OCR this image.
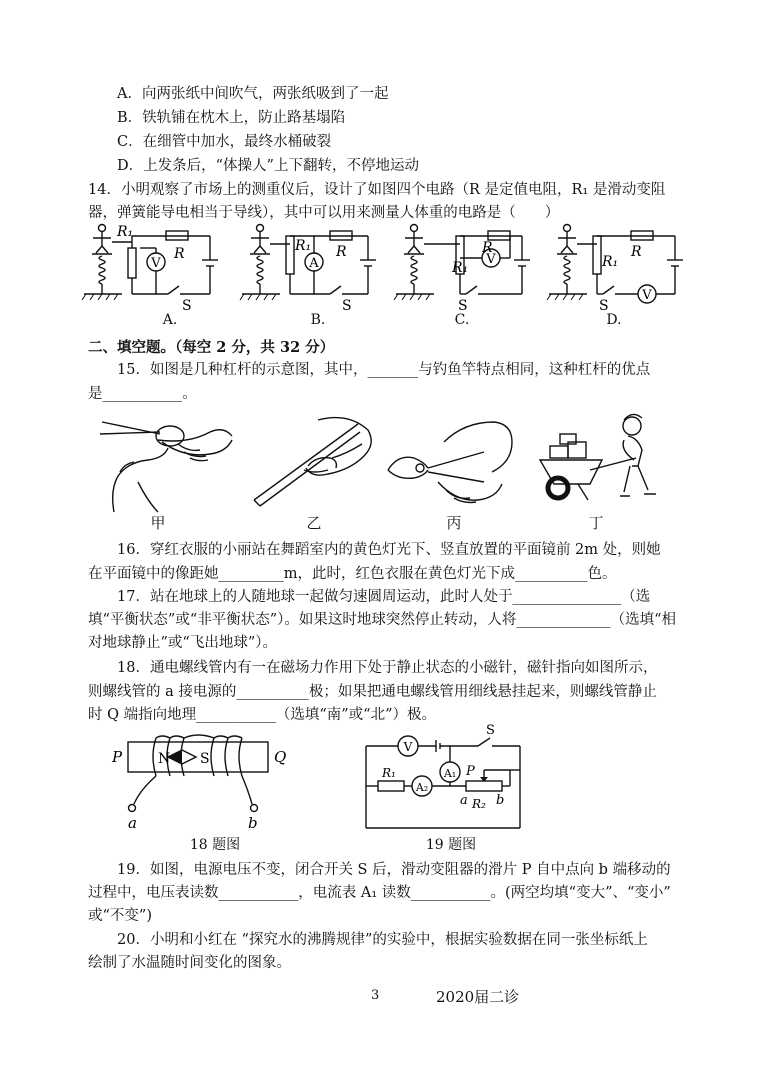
A．向两张纸中间吹气，两张纸吸到了一起
B．铁轨铺在枕木上，防止路基塌陷
C．在细管中加水，最终水桶破裂
D．上发条后，“体操人”上下翻转，不停地运动
14．小明观察了市场上的测重仪后，设计了如图四个电路（R 是定值电阻，R₁ 是滑动变阻
器，弹簧能导电相当于导线），其中可以用来测量人体重的电路是（　　）
V
R₁
R
S
A
R₁ R
S
V
R₁
R
S
V
R₁
R
S
A.	B.	C.	D.
二、填空题。（每空 2 分，共 32 分）
15．如图是几种杠杆的示意图，其中，_______与钓鱼竿特点相同，这种杠杆的优点
是___________。
甲	乙	丙	丁
16．穿红衣服的小丽站在舞蹈室内的黄色灯光下、竖直放置的平面镜前 2m 处，则她
在平面镜中的像距她_________m，此时，红色衣服在黄色灯光下成__________色。
17．站在地球上的人随地球一起做匀速圆周运动，此时人处于_______________（选
填“平衡状态”或“非平衡状态”）。如果这时地球突然停止转动，人将_____________（选填“相
对地球静止”或“飞出地球”）。
18．通电螺线管内有一在磁场力作用下处于静止状态的小磁针，磁针指向如图所示，
则螺线管的 a 接电源的__________极；如果把通电螺线管用细线悬挂起来，则螺线管静止
时 Q 端指向地理___________（选填“南”或“北”）极。
P	Q
N S
a	b
18 题图
V
A₁
A₂
R₁
R₂
P
a b
S
19 题图
19．如图，电源电压不变，闭合开关 S 后，滑动变阻器的滑片 P 自中点向 b 端移动的
过程中，电压表读数___________，电流表 A₁ 读数___________。(两空均填“变大”、“变小”
或“不变”)
20．小明和小红在 “探究水的沸腾规律”的实验中，根据实验数据在同一张坐标纸上
绘制了水温随时间变化的图象。
3	2020届二诊
